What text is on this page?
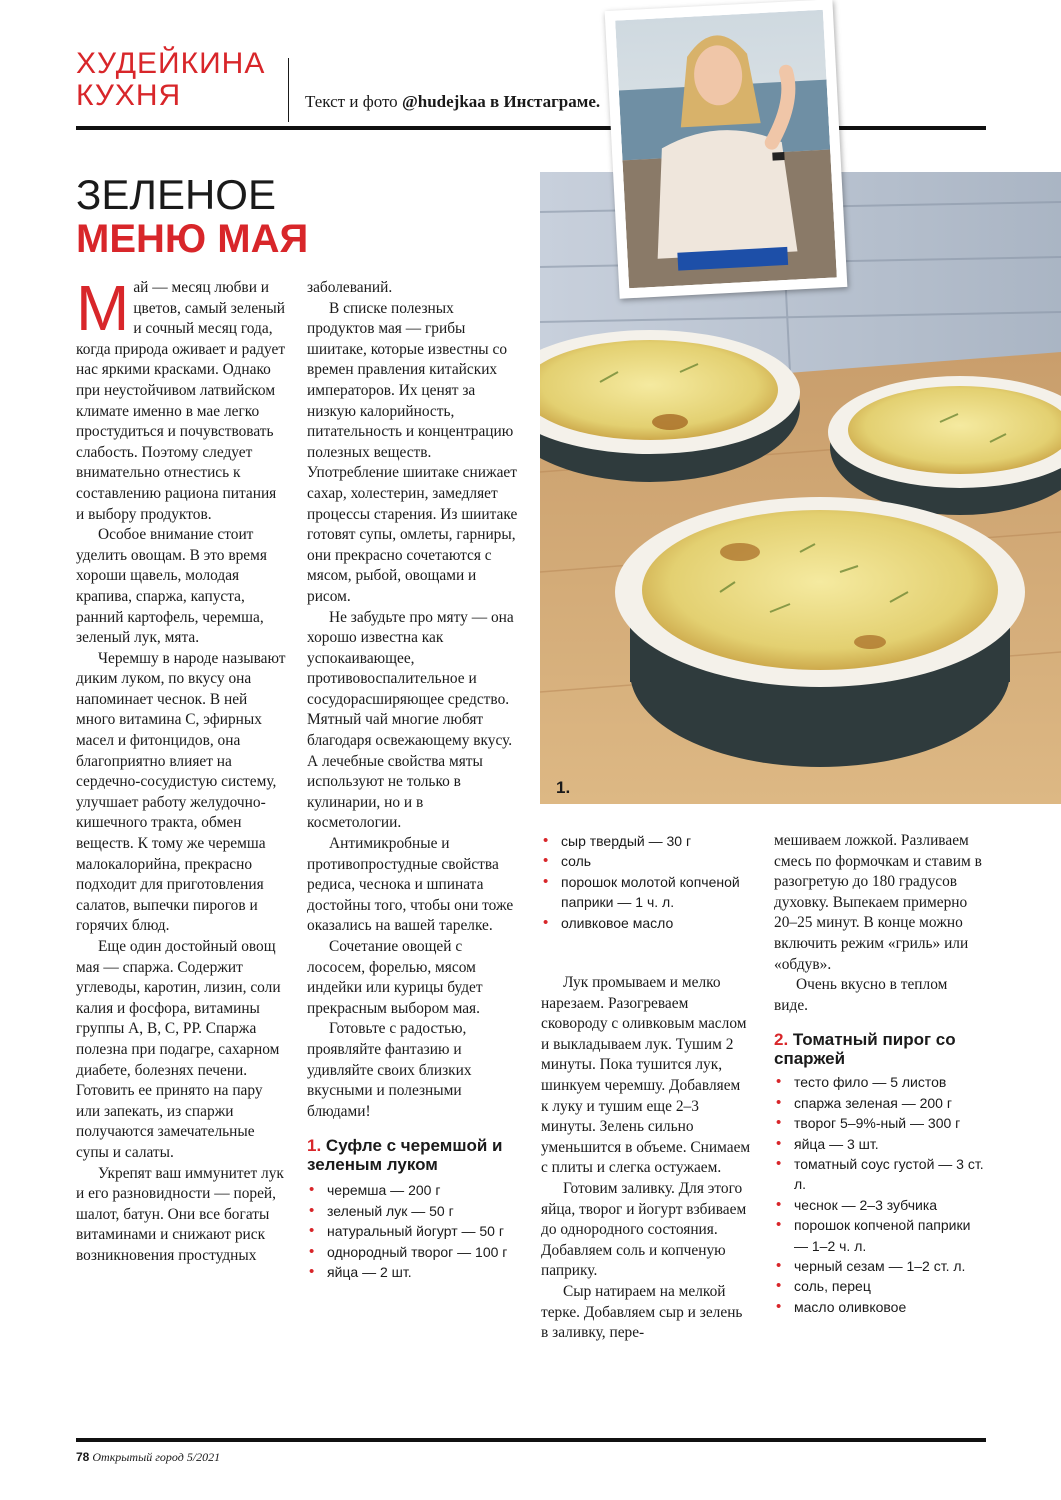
ХУДЕЙКИНА
КУХНЯ	Текст и фото @hudejkaa в Инстаграме.
1.
ЗЕЛЕНОЕ
МЕНЮ МАЯ

Май — месяц любви и цветов, самый зеленый и сочный месяц года, когда природа оживает и радует нас яркими красками. Однако при неустойчивом латвийском климате именно в мае легко простудиться и почувствовать слабость. Поэтому следует внимательно отнестись к составлению рациона питания и выбору продуктов.

Особое внимание стоит уделить овощам. В это время хороши щавель, молодая крапива, спаржа, капуста, ранний картофель, черемша, зеленый лук, мята.

Черемшу в народе называют диким луком, по вкусу она напоминает чеснок. В ней много витамина С, эфирных масел и фитонцидов, она благоприятно влияет на сердечно-сосудистую систему, улучшает работу желудочно-кишечного тракта, обмен веществ. К тому же черемша малокалорийна, прекрасно подходит для приготовления салатов, выпечки пирогов и горячих блюд.

Еще один достойный овощ мая — спаржа. Содержит углеводы, каротин, лизин, соли калия и фосфора, витамины группы А, В, С, РР. Спаржа полезна при подагре, сахарном диабете, болезнях печени. Готовить ее принято на пару или запекать, из спаржи получаются замечательные супы и салаты.

Укрепят ваш иммунитет лук и его разновидности — порей, шалот, батун. Они все богаты витаминами и снижают риск возникновения простудных

заболеваний.

В списке полезных продуктов мая — грибы шиитаке, которые известны со времен правления китайских императоров. Их ценят за низкую калорийность, питательность и концентрацию полезных веществ. Употребление шиитаке снижает сахар, холестерин, замедляет процессы старения. Из шиитаке готовят супы, омлеты, гарниры, они прекрасно сочетаются с мясом, рыбой, овощами и рисом.

Не забудьте про мяту — она хорошо известна как успокаивающее, противовоспалительное и сосудорасширяющее средство. Мятный чай многие любят благодаря освежающему вкусу. А лечебные свойства мяты используют не только в кулинарии, но и в косметологии.

Антимикробные и противопростудные свойства редиса, чеснока и шпината достойны того, чтобы они тоже оказались на вашей тарелке.

Сочетание овощей с лососем, форелью, мясом индейки или курицы будет прекрасным выбором мая.

Готовьте с радостью, проявляйте фантазию и удивляйте своих близких вкусными и полезными блюдами!

1. Суфле с черемшой и зеленым луком
• черемша — 200 г
• зеленый лук — 50 г
• натуральный йогурт — 50 г
• однородный творог — 100 г
• яйца — 2 шт.
• сыр твердый — 30 г
• соль
• порошок молотой копченой паприки — 1 ч. л.
• оливковое масло

Лук промываем и мелко нарезаем. Разогреваем сковороду с оливковым маслом и выкладываем лук. Тушим 2 минуты. Пока тушится лук, шинкуем черемшу. Добавляем к луку и тушим еще 2–3 минуты. Зелень сильно уменьшится в объеме. Снимаем с плиты и слегка остужаем.

Готовим заливку. Для этого яйца, творог и йогурт взбиваем до однородного состояния. Добавляем соль и копченую паприку.

Сыр натираем на мелкой терке. Добавляем сыр и зелень в заливку, пере-

мешиваем ложкой. Разливаем смесь по формочкам и ставим в разогретую до 180 градусов духовку. Выпекаем примерно 20–25 минут. В конце можно включить режим «гриль» или «обдув».

Очень вкусно в теплом виде.

2. Томатный пирог со спаржей
• тесто фило — 5 листов
• спаржа зеленая — 200 г
• творог 5–9%-ный — 300 г
• яйца — 3 шт.
• томатный соус густой — 3 ст. л.
• чеснок — 2–3 зубчика
• порошок копченой паприки — 1–2 ч. л.
• черный сезам — 1–2 ст. л.
• соль, перец
• масло оливковое
78 Открытый город 5/2021
